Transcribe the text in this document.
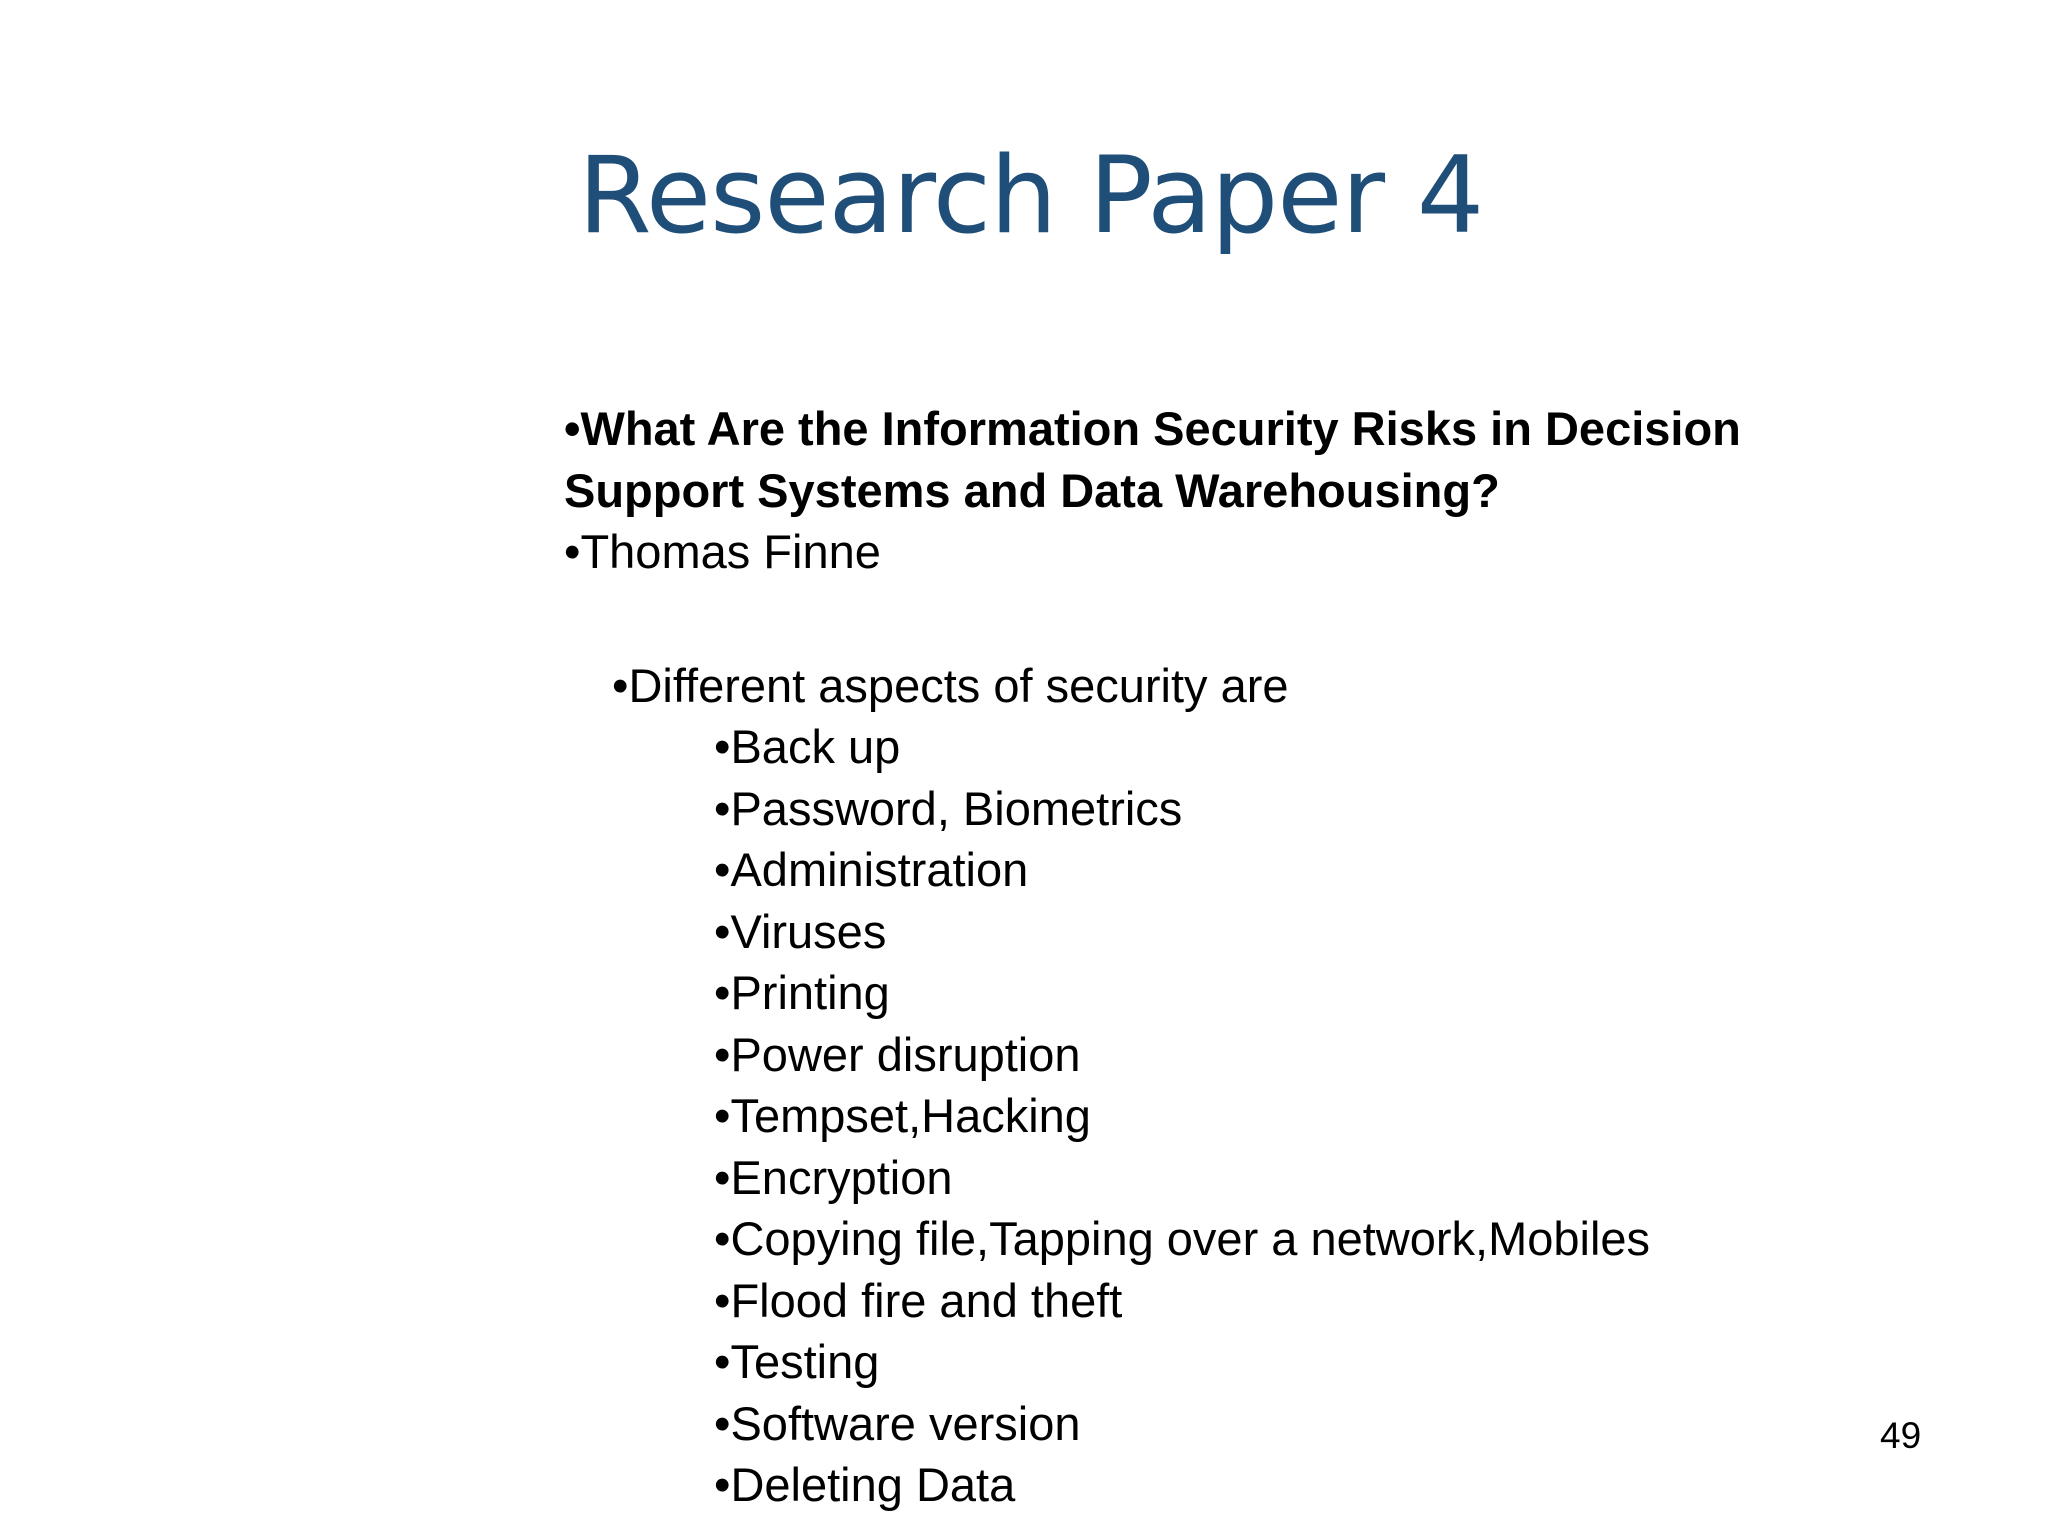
Research Paper 4
•What Are the Information Security Risks in Decision
Support Systems and Data Warehousing?
•Thomas Finne
•Different aspects of security are
•Back up
•Password, Biometrics
•Administration
•Viruses
•Printing
•Power disruption
•Tempset,Hacking
•Encryption
•Copying file,Tapping over a network,Mobiles
•Flood fire and theft
•Testing
•Software version
•Deleting Data
49
